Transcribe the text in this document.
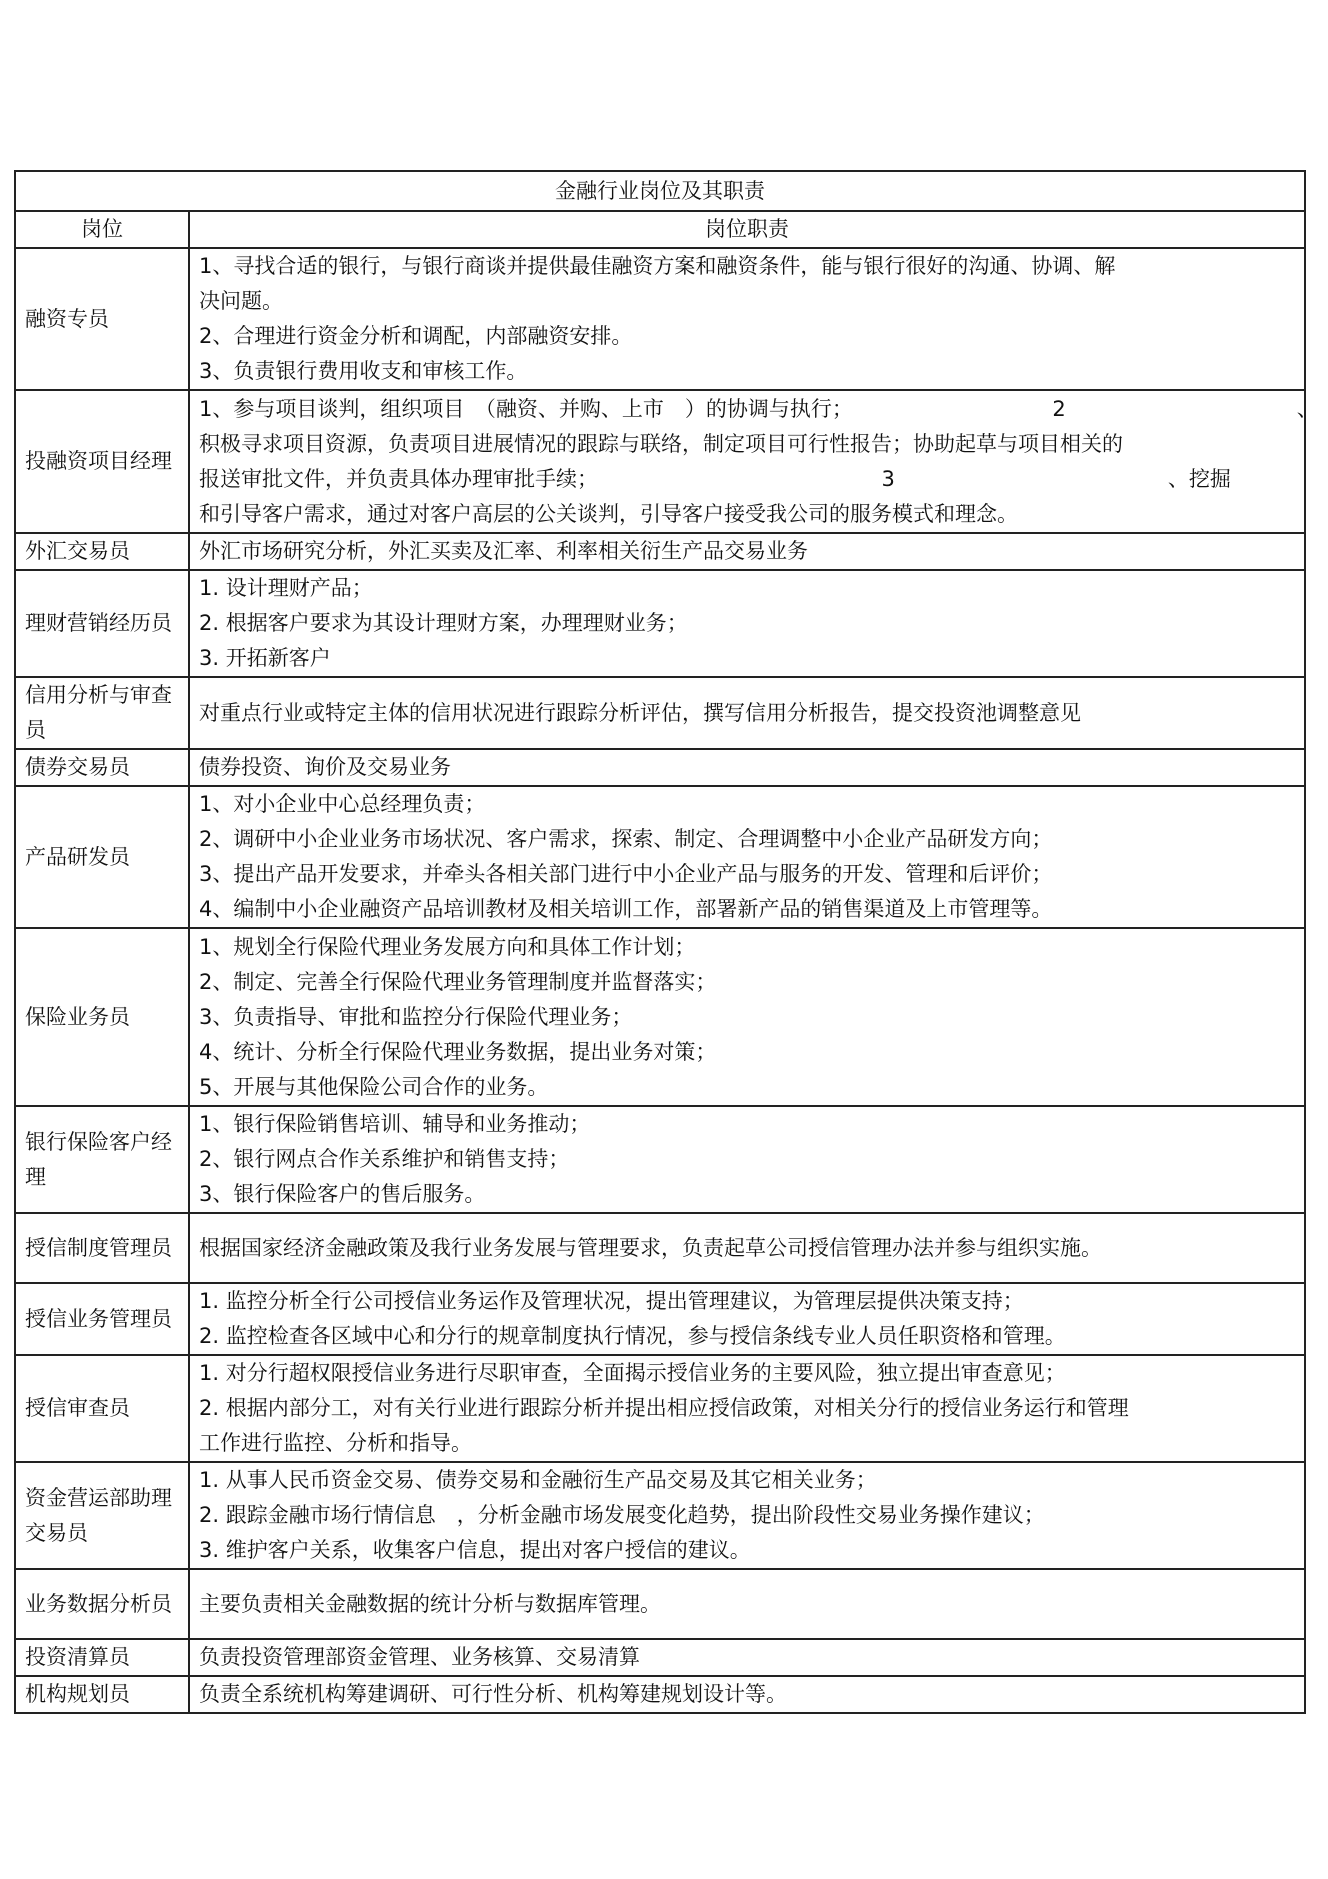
金融行业岗位及其职责	
岗位	岗位职责
融资专员	1、寻找合适的银行，与银行商谈并提供最佳融资方案和融资条件，能与银行很好的沟通、协调、解
决问题。
2、合理进行资金分析和调配，内部融资安排。
3、负责银行费用收支和审核工作。

投融资项目经理	1、参与项目谈判，组织项目　（融资、并购、上市　）的协调与执行；　　　　　　　　　　2　　　　　　　　　　　、
积极寻求项目资源，负责项目进展情况的跟踪与联络，制定项目可行性报告；协助起草与项目相关的
报送审批文件，并负责具体办理审批手续；　　　　　　　　　　　　　　3　　　　　　　　　　　　　、挖掘
和引导客户需求，通过对客户高层的公关谈判，引导客户接受我公司的服务模式和理念。

外汇交易员	外汇市场研究分析，外汇买卖及汇率、利率相关衍生产品交易业务

理财营销经历员	1. 设计理财产品；
2. 根据客户要求为其设计理财方案，办理理财业务；
3. 开拓新客户

信用分析与审查员	对重点行业或特定主体的信用状况进行跟踪分析评估，撰写信用分析报告，提交投资池调整意见

债券交易员	债券投资、询价及交易业务

产品研发员	1、对小企业中心总经理负责；
2、调研中小企业业务市场状况、客户需求，探索、制定、合理调整中小企业产品研发方向；
3、提出产品开发要求，并牵头各相关部门进行中小企业产品与服务的开发、管理和后评价；
4、编制中小企业融资产品培训教材及相关培训工作，部署新产品的销售渠道及上市管理等。

保险业务员	1、规划全行保险代理业务发展方向和具体工作计划；
2、制定、完善全行保险代理业务管理制度并监督落实；
3、负责指导、审批和监控分行保险代理业务；
4、统计、分析全行保险代理业务数据，提出业务对策；
5、开展与其他保险公司合作的业务。

银行保险客户经理	1、银行保险销售培训、辅导和业务推动；
2、银行网点合作关系维护和销售支持；
3、银行保险客户的售后服务。

授信制度管理员	根据国家经济金融政策及我行业务发展与管理要求，负责起草公司授信管理办法并参与组织实施。

授信业务管理员	1. 监控分析全行公司授信业务运作及管理状况，提出管理建议，为管理层提供决策支持；
2. 监控检查各区域中心和分行的规章制度执行情况，参与授信条线专业人员任职资格和管理。

授信审查员	1. 对分行超权限授信业务进行尽职审查，全面揭示授信业务的主要风险，独立提出审查意见；
2. 根据内部分工，对有关行业进行跟踪分析并提出相应授信政策，对相关分行的授信业务运行和管理
工作进行监控、分析和指导。

资金营运部助理交易员	1. 从事人民币资金交易、债券交易和金融衍生产品交易及其它相关业务；
2. 跟踪金融市场行情信息　，分析金融市场发展变化趋势，提出阶段性交易业务操作建议；
3. 维护客户关系，收集客户信息，提出对客户授信的建议。

业务数据分析员	主要负责相关金融数据的统计分析与数据库管理。

投资清算员	负责投资管理部资金管理、业务核算、交易清算

机构规划员	负责全系统机构筹建调研、可行性分析、机构筹建规划设计等。
